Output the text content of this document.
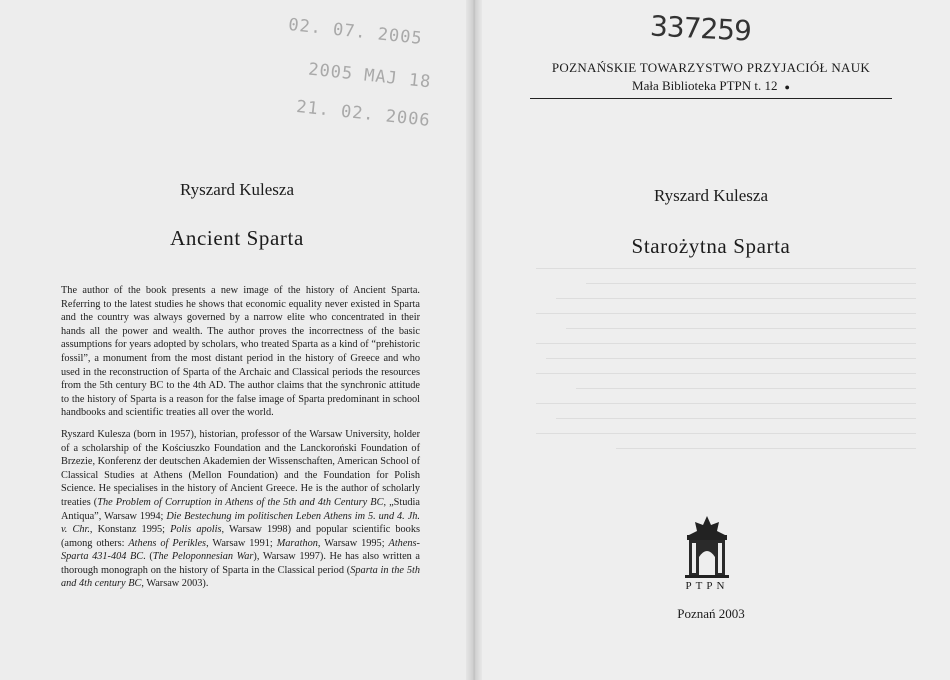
02. 07. 2005
2005 MAJ 18
21. 02. 2006
Ryszard Kulesza
Ancient Sparta

The author of the book presents a new image of the history of Ancient Sparta. Referring to the latest studies he shows that economic equality never existed in Sparta and the country was always governed by a narrow elite who concentrated in their hands all the power and wealth. The author proves the incorrectness of the basic assumptions for years adopted by scholars, who treated Sparta as a kind of “prehistoric fossil”, a monument from the most distant period in the history of Greece and who used in the reconstruction of Sparta of the Archaic and Classical periods the resources from the 5th century BC to the 4th AD. The author claims that the synchronic attitude to the history of Sparta is a reason for the false image of Sparta predominant in school handbooks and scientific treaties all over the world.

Ryszard Kulesza (born in 1957), historian, professor of the Warsaw University, holder of a scholarship of the Kościuszko Foundation and the Lanckoroński Foundation of Brzezie, Konferenz der deutschen Akademien der Wissenschaften, American School of Classical Studies at Athens (Mellon Foundation) and the Foundation for Polish Science. He specialises in the history of Ancient Greece. He is the author of scholarly treaties (The Problem of Corruption in Athens of the 5th and 4th Century BC, „Studia Antiqua”, Warsaw 1994; Die Bestechung im politischen Leben Athens im 5. und 4. Jh. v. Chr., Konstanz 1995; Polis apolis, Warsaw 1998) and popular scientific books (among others: Athens of Perikles, Warsaw 1991; Marathon, Warsaw 1995; Athens-Sparta 431-404 BC. (The Peloponnesian War), Warsaw 1997). He has also written a thorough monograph on the history of Sparta in the Classical period (Sparta in the 5th and 4th century BC, Warsaw 2003).

337259
POZNAŃSKIE TOWARZYSTWO PRZYJACIÓŁ NAUK
Mała Biblioteka PTPN t. 12 ●
Ryszard Kulesza
Starożytna Sparta
PTPN
Poznań 2003
